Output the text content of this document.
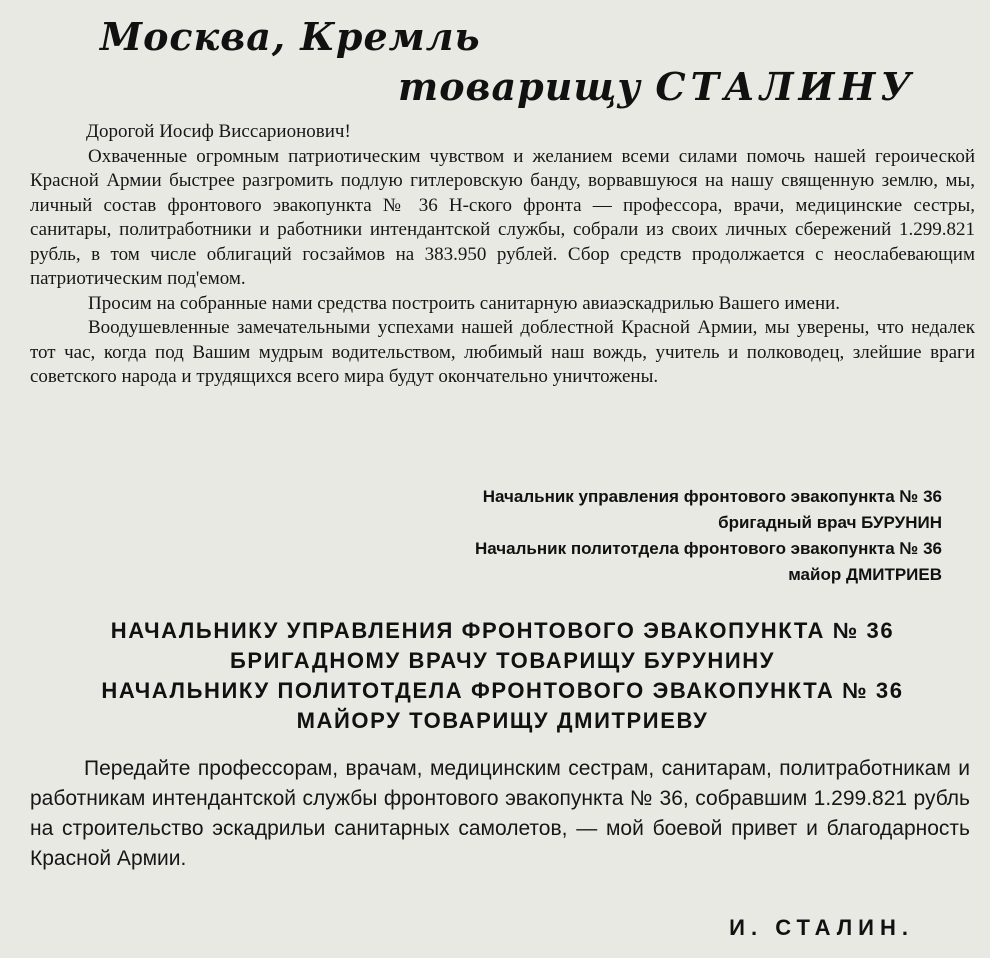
Москва, Кремль
товарищу СТАЛИНУ

Дорогой Иосиф Виссарионович!

Охваченные огромным патриотическим чувством и желанием всеми силами помочь нашей героической Красной Армии быстрее разгромить подлую гитлеровскую банду, ворвавшуюся на нашу священную землю, мы, личный состав фронтового эвакопункта № 36 Н-ского фронта — профессора, врачи, медицинские сестры, санитары, политработники и работники интендантской службы, собрали из своих личных сбережений 1.299.821 рубль, в том числе облигаций госзаймов на 383.950 рублей. Сбор средств продолжается с неослабевающим патриотическим под'емом.

Просим на собранные нами средства построить санитарную авиаэскадрилью Вашего имени.

Воодушевленные замечательными успехами нашей доблестной Красной Армии, мы уверены, что недалек тот час, когда под Вашим мудрым водительством, любимый наш вождь, учитель и полководец, злейшие враги советского народа и трудящихся всего мира будут окончательно уничтожены.

Начальник управления фронтового эвакопункта № 36
бригадный врач БУРУНИН
Начальник политотдела фронтового эвакопункта № 36
майор ДМИТРИЕВ
НАЧАЛЬНИКУ УПРАВЛЕНИЯ ФРОНТОВОГО ЭВАКОПУНКТА № 36
БРИГАДНОМУ ВРАЧУ ТОВАРИЩУ БУРУНИНУ
НАЧАЛЬНИКУ ПОЛИТОТДЕЛА ФРОНТОВОГО ЭВАКОПУНКТА № 36
МАЙОРУ ТОВАРИЩУ ДМИТРИЕВУ

Передайте профессорам, врачам, медицинским сестрам, санитарам, политработникам и работникам интендантской службы фронтового эвакопункта № 36, собравшим 1.299.821 рубль на строительство эскадрильи санитарных самолетов, — мой боевой привет и благодарность Красной Армии.

И. СТАЛИН.
